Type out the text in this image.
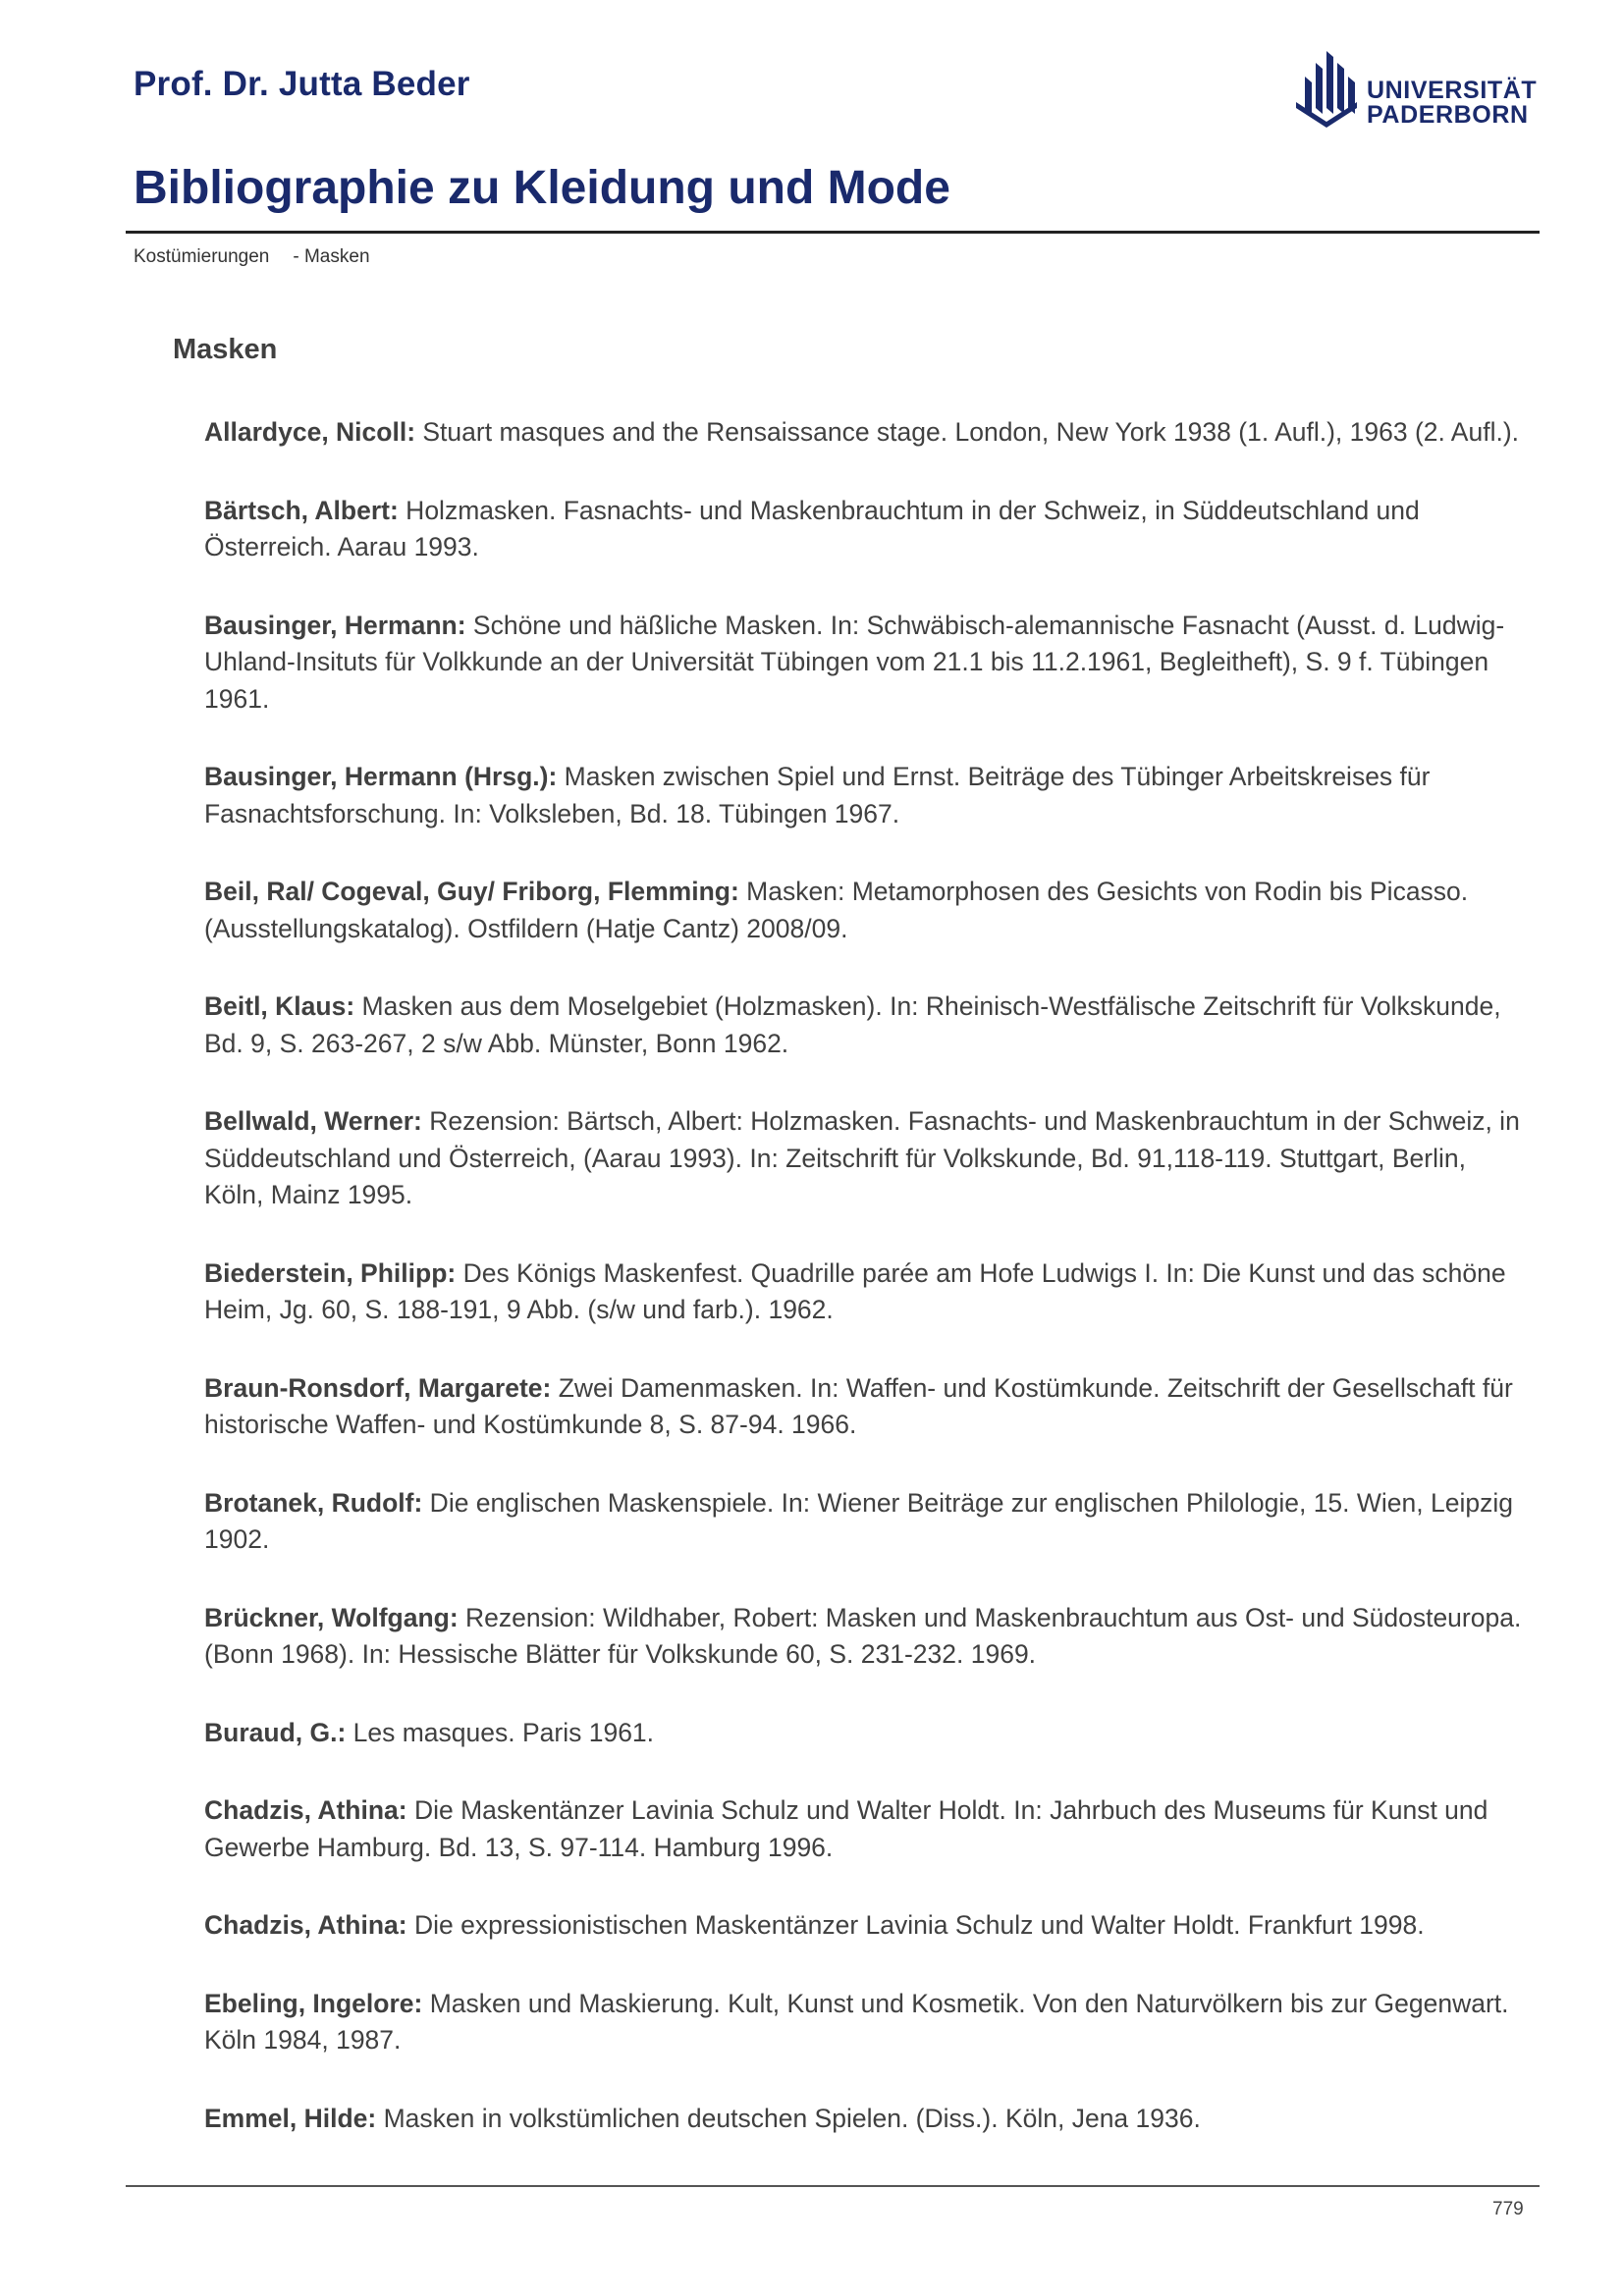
Prof. Dr. Jutta Beder	UNIVERSITÄT
PADERBORN
Bibliographie zu Kleidung und Mode
Kostümierungen - Masken
Masken
Allardyce, Nicoll: Stuart masques and the Rensaissance stage. London, New York 1938 (1. Aufl.), 1963 (2. Aufl.).
Bärtsch, Albert: Holzmasken. Fasnachts- und Maskenbrauchtum in der Schweiz, in Süddeutschland und Österreich. Aarau 1993.
Bausinger, Hermann: Schöne und häßliche Masken. In: Schwäbisch-alemannische Fasnacht (Ausst. d. Ludwig-Uhland-Insituts für Volkkunde an der Universität Tübingen vom 21.1 bis 11.2.1961, Begleitheft), S. 9 f. Tübingen 1961.
Bausinger, Hermann (Hrsg.): Masken zwischen Spiel und Ernst. Beiträge des Tübinger Arbeitskreises für Fasnachtsforschung. In: Volksleben, Bd. 18. Tübingen 1967.
Beil, Ral/ Cogeval, Guy/ Friborg, Flemming: Masken: Metamorphosen des Gesichts von Rodin bis Picasso. (Ausstellungskatalog). Ostfildern (Hatje Cantz) 2008/09.
Beitl, Klaus: Masken aus dem Moselgebiet (Holzmasken). In: Rheinisch-Westfälische Zeitschrift für Volkskunde, Bd. 9, S. 263-267, 2 s/w Abb. Münster, Bonn 1962.
Bellwald, Werner: Rezension: Bärtsch, Albert: Holzmasken. Fasnachts- und Maskenbrauchtum in der Schweiz, in Süddeutschland und Österreich, (Aarau 1993). In: Zeitschrift für Volkskunde, Bd. 91,118-119. Stuttgart, Berlin, Köln, Mainz 1995.
Biederstein, Philipp: Des Königs Maskenfest. Quadrille parée am Hofe Ludwigs I. In: Die Kunst und das schöne Heim, Jg. 60, S. 188-191, 9 Abb. (s/w und farb.). 1962.
Braun-Ronsdorf, Margarete: Zwei Damenmasken. In: Waffen- und Kostümkunde. Zeitschrift der Gesellschaft für historische Waffen- und Kostümkunde 8, S. 87-94. 1966.
Brotanek, Rudolf: Die englischen Maskenspiele. In: Wiener Beiträge zur englischen Philologie, 15. Wien, Leipzig 1902.
Brückner, Wolfgang: Rezension: Wildhaber, Robert: Masken und Maskenbrauchtum aus Ost- und Südosteuropa. (Bonn 1968). In: Hessische Blätter für Volkskunde 60, S. 231-232. 1969.
Buraud, G.: Les masques. Paris 1961.
Chadzis, Athina: Die Maskentänzer Lavinia Schulz und Walter Holdt. In: Jahrbuch des Museums für Kunst und Gewerbe Hamburg. Bd. 13, S. 97-114. Hamburg 1996.
Chadzis, Athina: Die expressionistischen Maskentänzer Lavinia Schulz und Walter Holdt. Frankfurt 1998.
Ebeling, Ingelore: Masken und Maskierung. Kult, Kunst und Kosmetik. Von den Naturvölkern bis zur Gegenwart. Köln 1984, 1987.
Emmel, Hilde: Masken in volkstümlichen deutschen Spielen. (Diss.). Köln, Jena 1936.
779
